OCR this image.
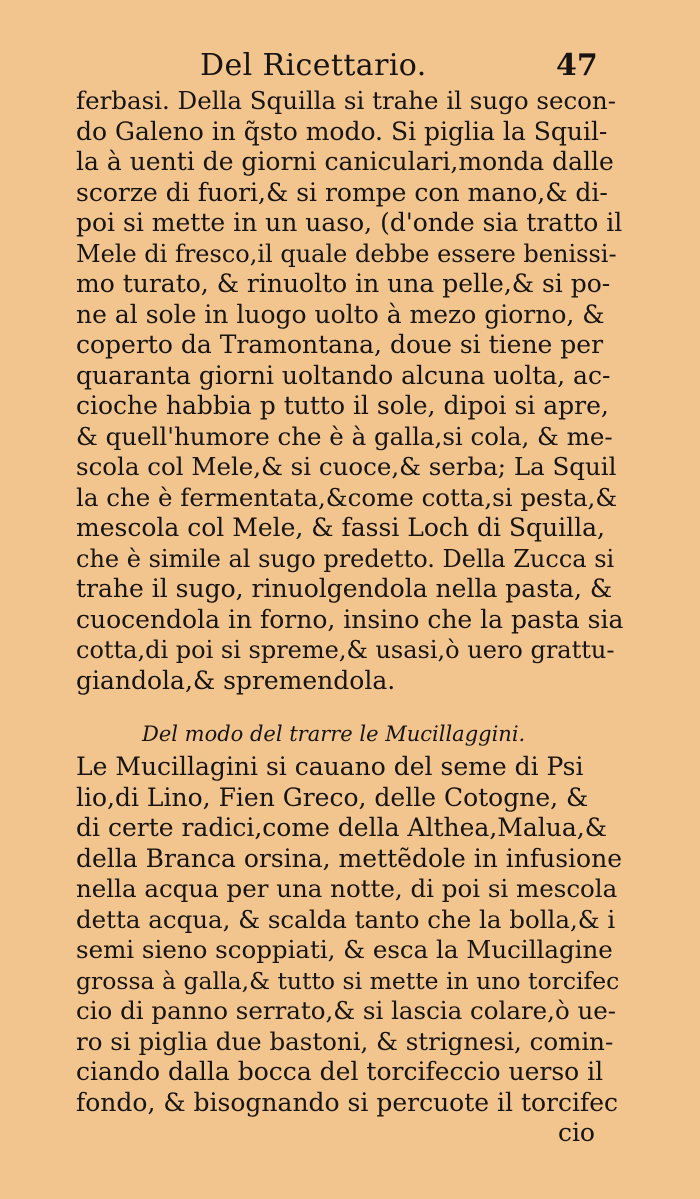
Del Ricettario.	47
ferbasi. Della Squilla si trahe il sugo secon-
do Galeno in q̃sto modo. Si piglia la Squil-
la à uenti de giorni caniculari,monda dalle
scorze di fuori,& si rompe con mano,& di-
poi si mette in un uaso, (d'onde sia tratto il
Mele di fresco,il quale debbe essere benissi-
mo turato, & rinuolto in una pelle,& si po-
ne al sole in luogo uolto à mezo giorno, &
coperto da Tramontana, doue si tiene per
quaranta giorni uoltando alcuna uolta, ac-
cioche habbia p tutto il sole, dipoi si apre,
& quell'humore che è à galla,si cola, & me-
scola col Mele,& si cuoce,& serba; La Squil
la che è fermentata,&come cotta,si pesta,&
mescola col Mele, & fassi Loch di Squilla,
che è simile al sugo predetto. Della Zucca si
trahe il sugo, rinuolgendola nella pasta, &
cuocendola in forno, insino che la pasta sia
cotta,di poi si spreme,& usasi,ò uero grattu-
giandola,& spremendola.
Del modo del trarre le Mucillaggini.
Le Mucillagini si cauano del seme di Psi
lio,di Lino, Fien Greco, delle Cotogne, &
di certe radici,come della Althea,Malua,&
della Branca orsina, mettẽdole in infusione
nella acqua per una notte, di poi si mescola
detta acqua, & scalda tanto che la bolla,& i
semi sieno scoppiati, & esca la Mucillagine
grossa à galla,& tutto si mette in uno torcifec
cio di panno serrato,& si lascia colare,ò ue-
ro si piglia due bastoni, & strignesi, comin-
ciando dalla bocca del torcifeccio uerso il
fondo, & bisognando si percuote il torcifec
cio
